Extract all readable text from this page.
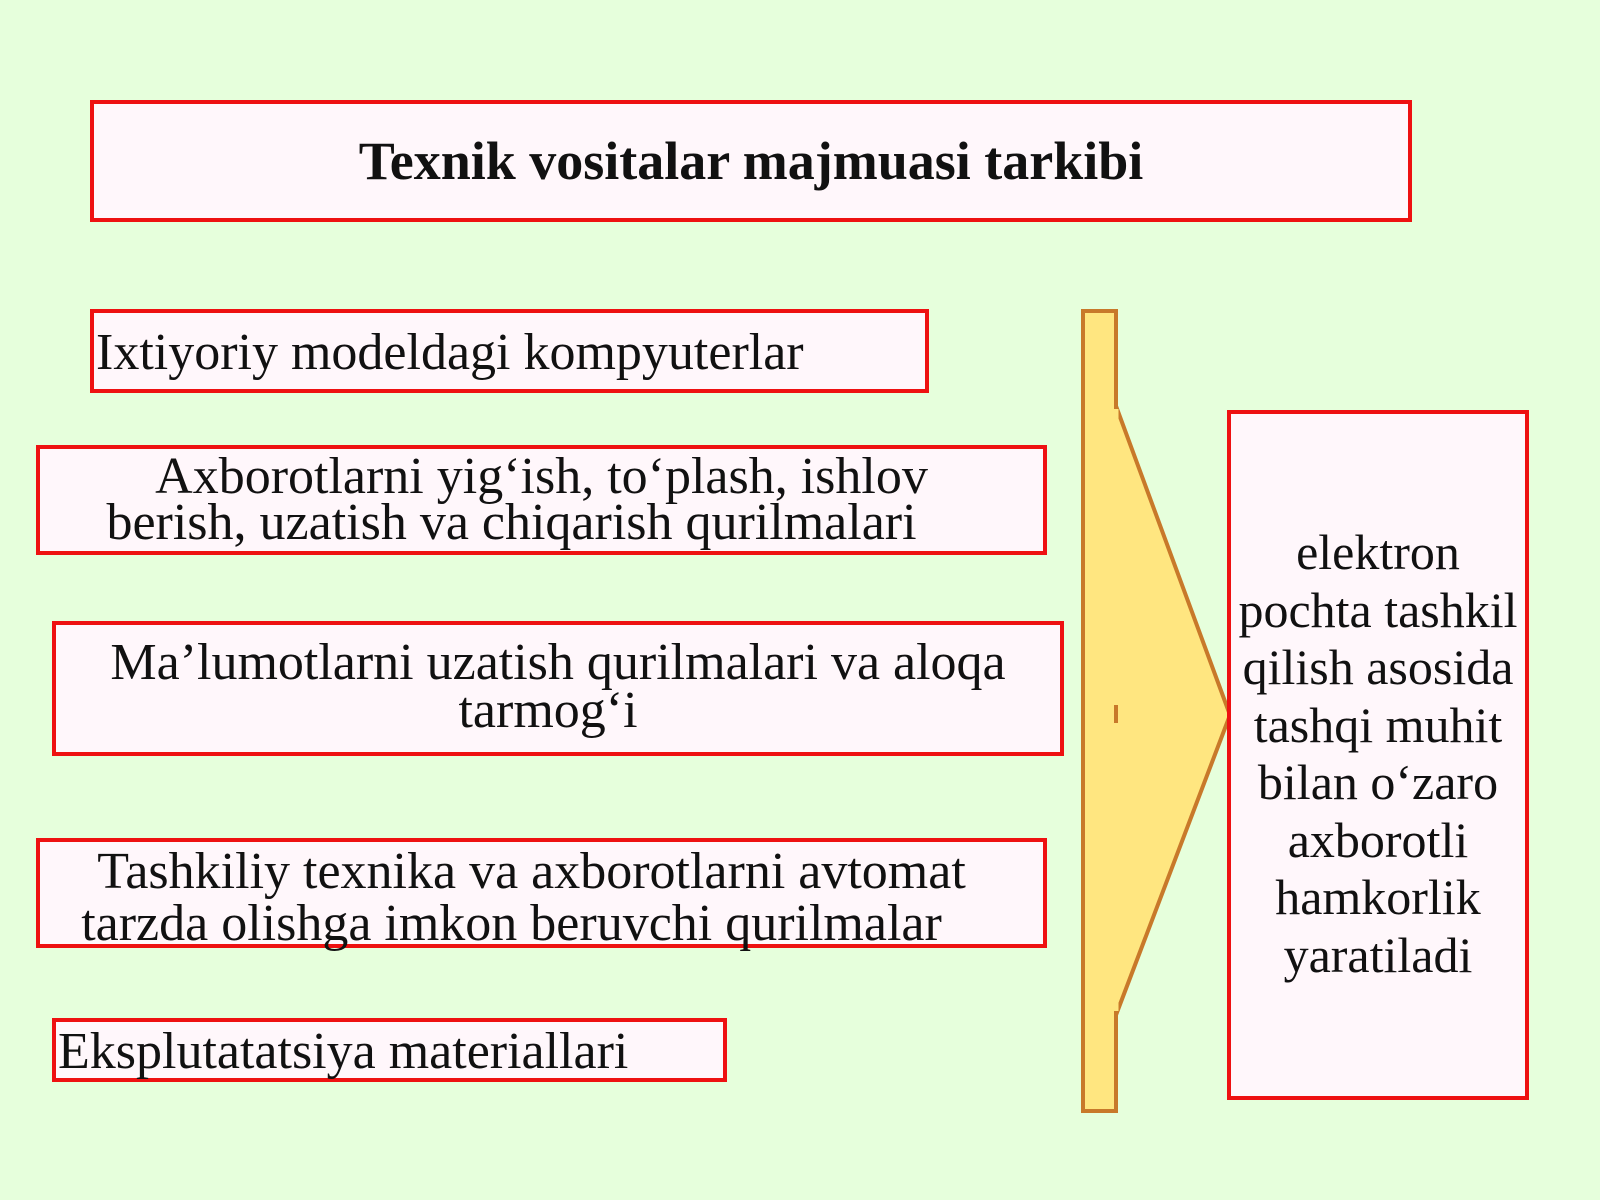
Texnik vositalar majmuasi tarkibi
Ixtiyoriy modeldagi kompyuterlar
Axborotlarni yig‘ish, to‘plash, ishlov
berish, uzatish va chiqarish qurilmalari
Ma’lumotlarni uzatish qurilmalari va aloqa
tarmog‘i
Tashkiliy texnika va axborotlarni avtomat
tarzda olishga imkon beruvchi qurilmalar
Eksplutatatsiya materiallari
elektron
pochta tashkil
qilish asosida
tashqi muhit
bilan o‘zaro
axborotli
hamkorlik
yaratiladi
